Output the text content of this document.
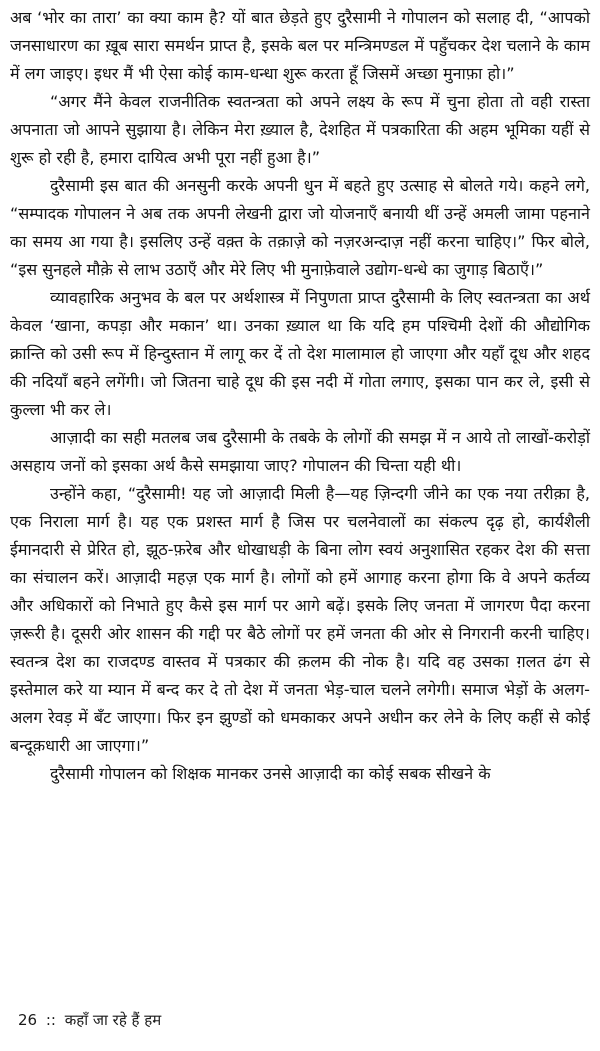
अब ‘भोर का तारा’ का क्या काम है? यों बात छेड़ते हुए दुरैसामी ने गोपालन को सलाह दी, “आपको जनसाधारण का ख़ूब सारा समर्थन प्राप्त है, इसके बल पर मन्त्रिमण्डल में पहुँचकर देश चलाने के काम में लग जाइए। इधर मैं भी ऐसा कोई काम-धन्धा शुरू करता हूँ जिसमें अच्छा मुनाफ़ा हो।”

“अगर मैंने केवल राजनीतिक स्वतन्त्रता को अपने लक्ष्य के रूप में चुना होता तो वही रास्ता अपनाता जो आपने सुझाया है। लेकिन मेरा ख़्याल है, देशहित में पत्रकारिता की अहम भूमिका यहीं से शुरू हो रही है, हमारा दायित्व अभी पूरा नहीं हुआ है।”

दुरैसामी इस बात की अनसुनी करके अपनी धुन में बहते हुए उत्साह से बोलते गये। कहने लगे, “सम्पादक गोपालन ने अब तक अपनी लेखनी द्वारा जो योजनाएँ बनायी थीं उन्हें अमली जामा पहनाने का समय आ गया है। इसलिए उन्हें वक़्त के तक़ाज़े को नज़रअन्दाज़ नहीं करना चाहिए।” फिर बोले, “इस सुनहले मौक़े से लाभ उठाएँ और मेरे लिए भी मुनाफ़ेवाले उद्योग-धन्धे का जुगाड़ बिठाएँ।”

व्यावहारिक अनुभव के बल पर अर्थशास्त्र में निपुणता प्राप्त दुरैसामी के लिए स्वतन्त्रता का अर्थ केवल ‘खाना, कपड़ा और मकान’ था। उनका ख़्याल था कि यदि हम पश्चिमी देशों की औद्योगिक क्रान्ति को उसी रूप में हिन्दुस्तान में लागू कर दें तो देश मालामाल हो जाएगा और यहाँ दूध और शहद की नदियाँ बहने लगेंगी। जो जितना चाहे दूध की इस नदी में गोता लगाए, इसका पान कर ले, इसी से कुल्ला भी कर ले।

आज़ादी का सही मतलब जब दुरैसामी के तबके के लोगों की समझ में न आये तो लाखों-करोड़ों असहाय जनों को इसका अर्थ कैसे समझाया जाए? गोपालन की चिन्ता यही थी।

उन्होंने कहा, “दुरैसामी! यह जो आज़ादी मिली है—यह ज़िन्दगी जीने का एक नया तरीक़ा है, एक निराला मार्ग है। यह एक प्रशस्त मार्ग है जिस पर चलनेवालों का संकल्प दृढ़ हो, कार्यशैली ईमानदारी से प्रेरित हो, झूठ-फ़रेब और धोखाधड़ी के बिना लोग स्वयं अनुशासित रहकर देश की सत्ता का संचालन करें। आज़ादी महज़ एक मार्ग है। लोगों को हमें आगाह करना होगा कि वे अपने कर्तव्य और अधिकारों को निभाते हुए कैसे इस मार्ग पर आगे बढ़ें। इसके लिए जनता में जागरण पैदा करना ज़रूरी है। दूसरी ओर शासन की गद्दी पर बैठे लोगों पर हमें जनता की ओर से निगरानी करनी चाहिए। स्वतन्त्र देश का राजदण्ड वास्तव में पत्रकार की क़लम की नोक है। यदि वह उसका ग़लत ढंग से इस्तेमाल करे या म्यान में बन्द कर दे तो देश में जनता भेड़-चाल चलने लगेगी। समाज भेड़ों के अलग-अलग रेवड़ में बँट जाएगा। फिर इन झुण्डों को धमकाकर अपने अधीन कर लेने के लिए कहीं से कोई बन्दूक़धारी आ जाएगा।”

दुरैसामी गोपालन को शिक्षक मानकर उनसे आज़ादी का कोई सबक सीखने के

26 :: कहाँ जा रहे हैं हम
